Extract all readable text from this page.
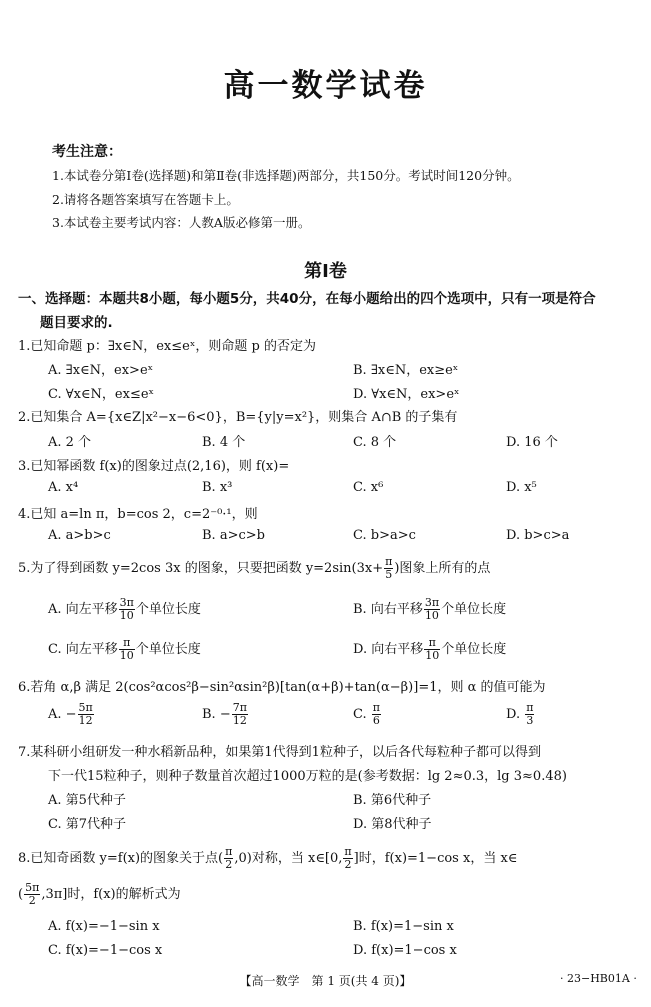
高一数学试卷
考生注意：
1.本试卷分第Ⅰ卷(选择题)和第Ⅱ卷(非选择题)两部分，共150分。考试时间120分钟。
2.请将各题答案填写在答题卡上。
3.本试卷主要考试内容：人教A版必修第一册。
第Ⅰ卷
一、选择题：本题共8小题，每小题5分，共40分，在每小题给出的四个选项中，只有一项是符合
题目要求的.
1.已知命题 p：∃x∈N，ex≤eˣ，则命题 p 的否定为
A. ∃x∈N，ex>eˣ	B. ∃x∈N，ex≥eˣ
C. ∀x∈N，ex≤eˣ	D. ∀x∈N，ex>eˣ
2.已知集合 A={x∈Z|x²−x−6<0}，B={y|y=x²}，则集合 A∩B 的子集有
A. 2 个	B. 4 个	C. 8 个	D. 16 个
3.已知幂函数 f(x)的图象过点(2,16)，则 f(x)=
A. x⁴	B. x³	C. x⁶	D. x⁵
4.已知 a=ln π，b=cos 2，c=2⁻⁰·¹，则
A. a>b>c	B. a>c>b	C. b>a>c	D. b>c>a
5.为了得到函数 y=2cos 3x 的图象，只要把函数 $y=2\sin(3x+ \frac{\pi}{5}$ )图象上所有的点
A. 向左平移 $\frac{3\pi}{10}$ 个单位长度	B. 向右平移 $\frac{3\pi}{10}$ 个单位长度
C. 向左平移 $\frac{\pi}{10}$ 个单位长度	D. 向右平移 $\frac{\pi}{10}$ 个单位长度
6.若角 α,β 满足 2(cos²αcos²β−sin²αsin²β)[tan(α+β)+tan(α−β)]=1，则 α 的值可能为
A. − $\frac{5\pi}{12}$	B. − $\frac{7\pi}{12}$	C. $\frac{\pi}{6}$	D. $\frac{\pi}{3}$
7.某科研小组研发一种水稻新品种，如果第1代得到1粒种子，以后各代每粒种子都可以得到
下一代15粒种子，则种子数量首次超过1000万粒的是(参考数据：lg 2≈0.3，lg 3≈0.48)
A. 第5代种子	B. 第6代种子
C. 第7代种子	D. 第8代种子
8.已知奇函数 y=f(x)的图象关于点( $\frac{\pi}{2} ,0$)对称，当 x∈[0, $\frac{\pi}{2}$ ]时，f(x)=1−cos x，当 x∈
( $\frac{5\pi}{2} ,3\pi$]时，f(x)的解析式为
A. f(x)=−1−sin x	B. f(x)=1−sin x
C. f(x)=−1−cos x	D. f(x)=1−cos x
【高一数学　第 1 页(共 4 页)】	· 23−HB01A ·
